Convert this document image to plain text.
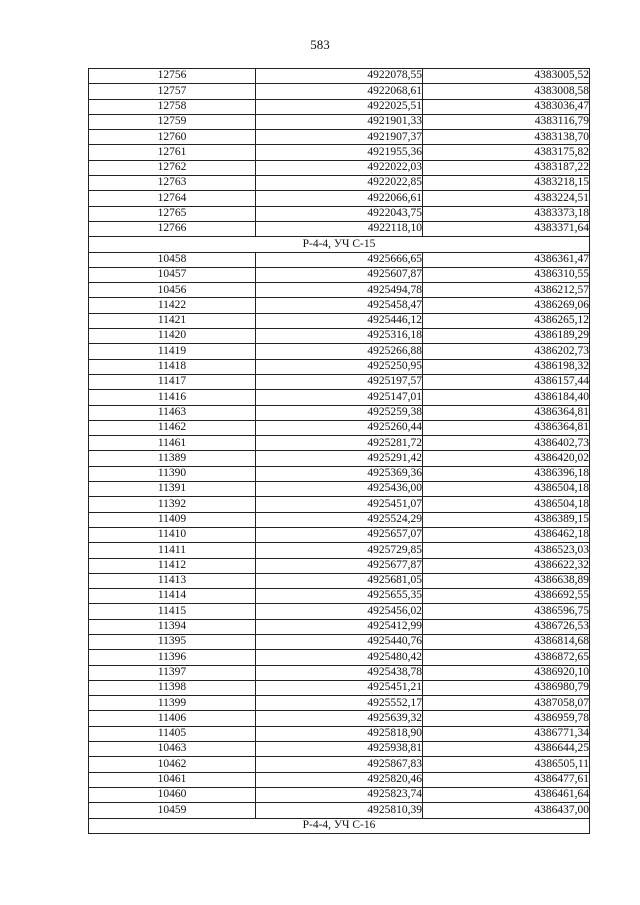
583
12756	4922078,55	4383005,52
12757	4922068,61	4383008,58
12758	4922025,51	4383036,47
12759	4921901,33	4383116,79
12760	4921907,37	4383138,70
12761	4921955,36	4383175,82
12762	4922022,03	4383187,22
12763	4922022,85	4383218,15
12764	4922066,61	4383224,51
12765	4922043,75	4383373,18
12766	4922118,10	4383371,64
Р-4-4, УЧ С-15		
10458	4925666,65	4386361,47
10457	4925607,87	4386310,55
10456	4925494,78	4386212,57
11422	4925458,47	4386269,06
11421	4925446,12	4386265,12
11420	4925316,18	4386189,29
11419	4925266,88	4386202,73
11418	4925250,95	4386198,32
11417	4925197,57	4386157,44
11416	4925147,01	4386184,40
11463	4925259,38	4386364,81
11462	4925260,44	4386364,81
11461	4925281,72	4386402,73
11389	4925291,42	4386420,02
11390	4925369,36	4386396,18
11391	4925436,00	4386504,18
11392	4925451,07	4386504,18
11409	4925524,29	4386389,15
11410	4925657,07	4386462,18
11411	4925729,85	4386523,03
11412	4925677,87	4386622,32
11413	4925681,05	4386638,89
11414	4925655,35	4386692,55
11415	4925456,02	4386596,75
11394	4925412,99	4386726,53
11395	4925440,76	4386814,68
11396	4925480,42	4386872,65
11397	4925438,78	4386920,10
11398	4925451,21	4386980,79
11399	4925552,17	4387058,07
11406	4925639,32	4386959,78
11405	4925818,90	4386771,34
10463	4925938,81	4386644,25
10462	4925867,83	4386505,11
10461	4925820,46	4386477,61
10460	4925823,74	4386461,64
10459	4925810,39	4386437,00
Р-4-4, УЧ С-16		
